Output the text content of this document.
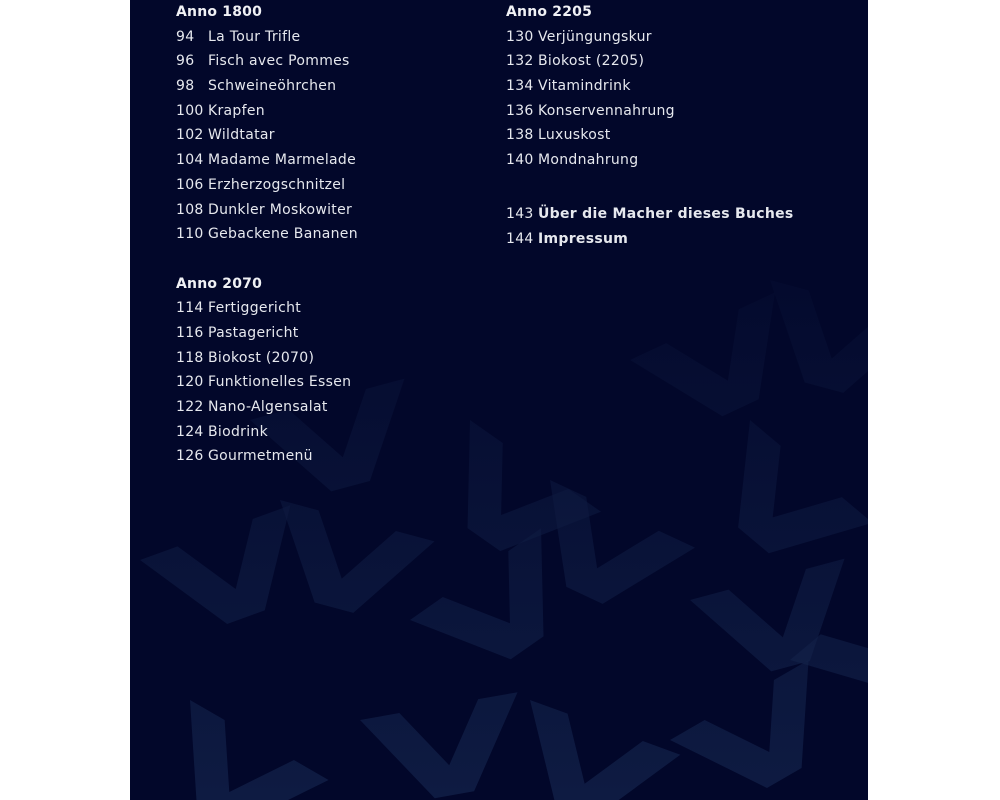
Anno 1800
94 La Tour Trifle
96 Fisch avec Pommes
98 Schweineöhrchen
100 Krapfen
102 Wildtatar
104 Madame Marmelade
106 Erzherzogschnitzel
108 Dunkler Moskowiter
110 Gebackene Bananen
Anno 2070
114 Fertiggericht
116 Pastagericht
118 Biokost (2070)
120 Funktionelles Essen
122 Nano-Algensalat
124 Biodrink
126 Gourmetmenü
Anno 2205
130 Verjüngungskur
132 Biokost (2205)
134 Vitamindrink
136 Konservennahrung
138 Luxuskost
140 Mondnahrung
143 Über die Macher dieses Buches
144 Impressum
